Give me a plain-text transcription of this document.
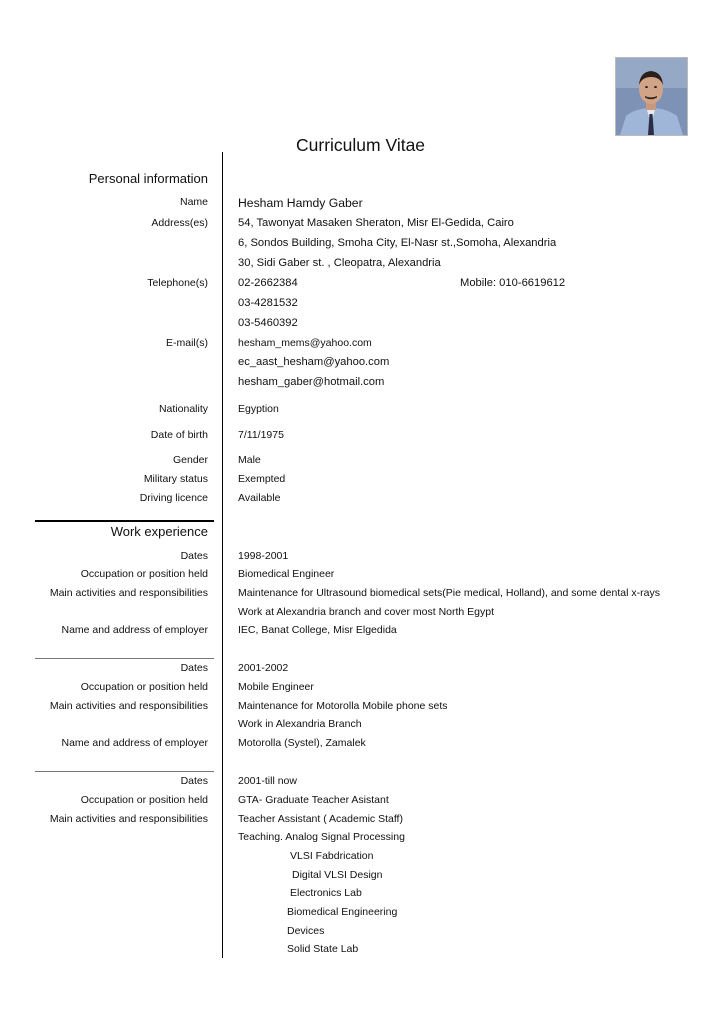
Curriculum Vitae
Personal information
Name Hesham Hamdy Gaber
Address(es)	54, Tawonyat Masaken Sheraton, Misr El-Gedida, Cairo
6, Sondos Building, Smoha City, El-Nasr st.,Somoha, Alexandria
30, Sidi Gaber st. , Cleopatra, Alexandria
Telephone(s)	02-2662384	Mobile: 010-6619612
03-4281532
03-5460392
E-mail(s)	hesham_mems@yahoo.com
ec_aast_hesham@yahoo.com
hesham_gaber@hotmail.com
Nationality	Egyption
Date of birth	7/11/1975
Gender	Male
Military status	Exempted
Driving licence	Available
Work experience
Dates	1998-2001
Occupation or position held	Biomedical Engineer
Main activities and responsibilities	Maintenance for Ultrasound biomedical sets(Pie medical, Holland), and some dental x-rays
Work at Alexandria branch and cover most North Egypt
Name and address of employer	IEC, Banat College, Misr Elgedida
Dates	2001-2002
Occupation or position held	Mobile Engineer
Main activities and responsibilities	Maintenance for Motorolla Mobile phone sets
Work in Alexandria Branch
Name and address of employer	Motorolla (Systel), Zamalek
Dates	2001-till now
Occupation or position held	GTA- Graduate Teacher Asistant
Main activities and responsibilities	Teacher Assistant ( Academic Staff)
Teaching. Analog Signal Processing
VLSI Fabdrication
Digital VLSI Design
Electronics Lab
Biomedical Engineering
Devices
Solid State Lab
